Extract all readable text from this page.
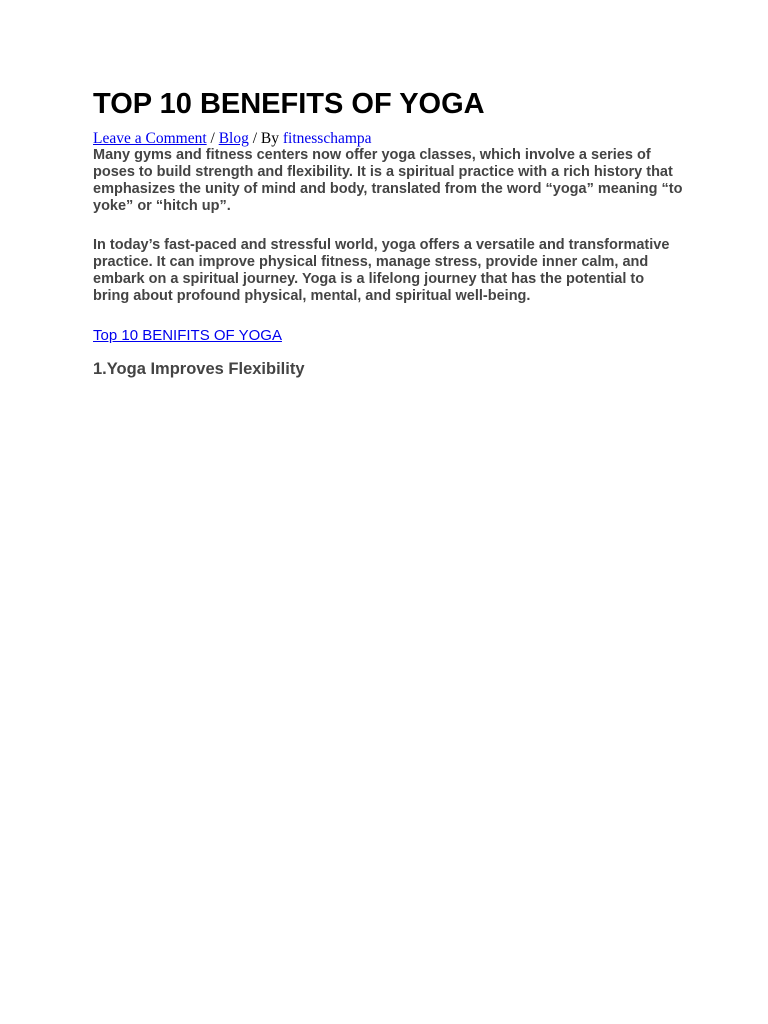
TOP 10 BENEFITS OF YOGA
Leave a Comment / Blog / By fitnesschampa

Many gyms and fitness centers now offer yoga classes, which involve a series of poses to build strength and flexibility. It is a spiritual practice with a rich history that emphasizes the unity of mind and body, translated from the word “yoga” meaning “to yoke” or “hitch up”.

In today’s fast-paced and stressful world, yoga offers a versatile and transformative practice. It can improve physical fitness, manage stress, provide inner calm, and embark on a spiritual journey. Yoga is a lifelong journey that has the potential to bring about profound physical, mental, and spiritual well-being.

Top 10 BENIFITS OF YOGA
1.Yoga Improves Flexibility
